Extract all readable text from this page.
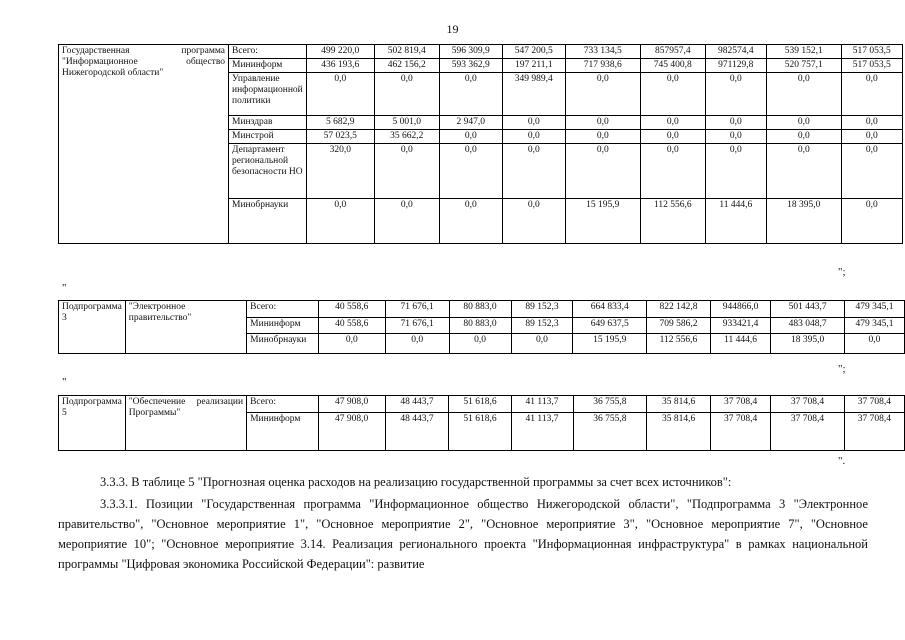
19
Государственная программа "Информационное общество Нижегородской области"	Всего:	499 220,0	502 819,4	596 309,9	547 200,5	733 134,5	857957,4	982574,4	539 152,1	517 053,5
	Мининформ	436 193,6	462 156,2	593 362,9	197 211,1	717 938,6	745 400,8	971129,8	520 757,1	517 053,5
	Управление информационной политики	0,0	0,0	0,0	349 989,4	0,0	0,0	0,0	0,0	0,0
	Минздрав	5 682,9	5 001,0	2 947,0	0,0	0,0	0,0	0,0	0,0	0,0
	Минстрой	57 023,5	35 662,2	0,0	0,0	0,0	0,0	0,0	0,0	0,0
	Департамент региональной безопасности НО	320,0	0,0	0,0	0,0	0,0	0,0	0,0	0,0	0,0
	Минобрнауки	0,0	0,0	0,0	0,0	15 195,9	112 556,6	11 444,6	18 395,0	0,0
";
"
Подпрограмма 3	"Электронное правительство"	Всего:	40 558,6	71 676,1	80 883,0	89 152,3	664 833,4	822 142,8	944866,0	501 443,7	479 345,1
		Мининформ	40 558,6	71 676,1	80 883,0	89 152,3	649 637,5	709 586,2	933421,4	483 048,7	479 345,1
		Минобрнауки	0,0	0,0	0,0	0,0	15 195,9	112 556,6	11 444,6	18 395,0	0,0
";
"
Подпрограмма 5	"Обеспечение реализации Программы"	Всего:	47 908,0	48 443,7	51 618,6	41 113,7	36 755,8	35 814,6	37 708,4	37 708,4	37 708,4
		Мининформ	47 908,0	48 443,7	51 618,6	41 113,7	36 755,8	35 814,6	37 708,4	37 708,4	37 708,4
".

3.3.3. В таблице 5 "Прогнозная оценка расходов на реализацию государственной программы за счет всех источников":

3.3.3.1. Позиции "Государственная программа "Информационное общество Нижегородской области", "Подпрограмма 3 "Электронное правительство", "Основное мероприятие 1", "Основное мероприятие 2", "Основное мероприятие 3", "Основное мероприятие 7", "Основное мероприятие 10"; "Основное мероприятие 3.14. Реализация регионального проекта "Информационная инфраструктура" в рамках национальной программы "Цифровая экономика Российской Федерации": развитие
